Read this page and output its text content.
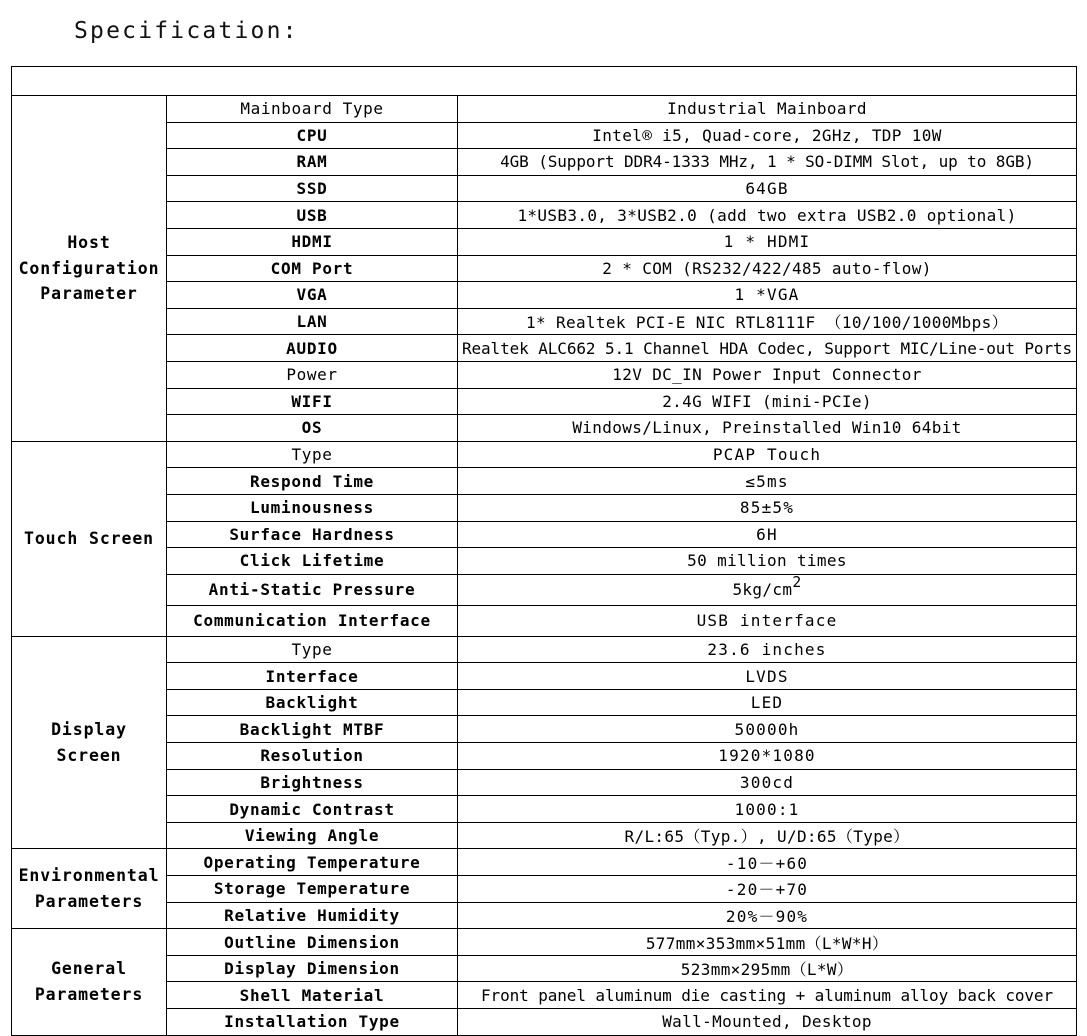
Specification:

Host
Configuration
Parameter	Mainboard Type	Industrial Mainboard
	CPU	Intel® i5, Quad-core, 2GHz, TDP 10W
	RAM	4GB (Support DDR4-1333 MHz, 1 * SO-DIMM Slot, up to 8GB)
	SSD	64GB
	USB	1*USB3.0, 3*USB2.0 (add two extra USB2.0 optional)
	HDMI	1 * HDMI
	COM Port	2 * COM (RS232/422/485 auto-flow)
	VGA	1 *VGA
	LAN	1* Realtek PCI-E NIC RTL8111F （10/100/1000Mbps）
	AUDIO	Realtek ALC662 5.1 Channel HDA Codec, Support MIC/Line-out Ports
	Power	12V DC_IN Power Input Connector
	WIFI	2.4G WIFI (mini-PCIe)
	OS	Windows/Linux, Preinstalled Win10 64bit
Touch Screen	Type	PCAP Touch
	Respond Time	≤5ms
	Luminousness	85±5%
	Surface Hardness	6H
	Click Lifetime	50 million times
	Anti-Static Pressure	5kg/cm2
	Communication Interface	USB interface
Display
Screen	Type	23.6 inches
	Interface	LVDS
	Backlight	LED
	Backlight MTBF	50000h
	Resolution	1920*1080
	Brightness	300cd
	Dynamic Contrast	1000:1
	Viewing Angle	R/L:65（Typ.）, U/D:65（Type）
Environmental
Parameters	Operating Temperature	-10－+60
	Storage Temperature	-20－+70
	Relative Humidity	20%－90%
General
Parameters	Outline Dimension	577mm×353mm×51mm（L*W*H）
	Display Dimension	523mm×295mm（L*W）
	Shell Material	Front panel aluminum die casting + aluminum alloy back cover
	Installation Type	Wall-Mounted, Desktop
